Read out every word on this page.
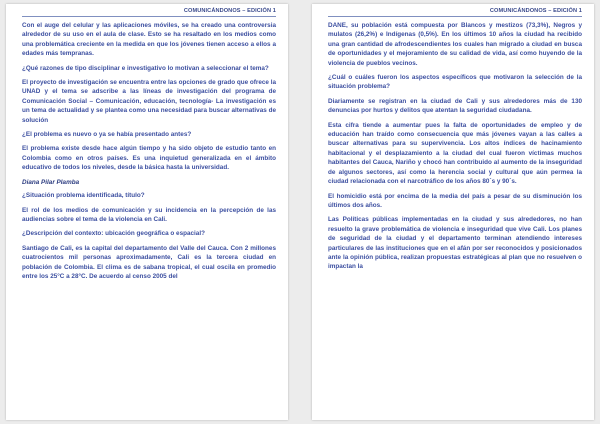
COMUNICÁNDONOS – EDICIÓN 1

Con el auge del celular y las aplicaciones móviles, se ha creado una controversia alrededor de su uso en el aula de clase. Esto se ha resaltado en los medios como una problemática creciente en la medida en que los jóvenes tienen acceso a ellos a edades más tempranas.

¿Qué razones de tipo disciplinar e investigativo lo motivan a seleccionar el tema?

El proyecto de investigación se encuentra entre las opciones de grado que ofrece la UNAD y el tema se adscribe a las líneas de investigación del programa de Comunicación Social – Comunicación, educación, tecnología- La investigación es un tema de actualidad y se plantea como una necesidad para buscar alternativas de solución

¿El problema es nuevo o ya se había presentado antes?

El problema existe desde hace algún tiempo y ha sido objeto de estudio tanto en Colombia como en otros países. Es una inquietud generalizada en el ámbito educativo de todos los niveles, desde la básica hasta la universidad.

Diana Pilar Plamba

¿Situación problema identificada, título?

El rol de los medios de comunicación y su incidencia en la percepción de las audiencias sobre el tema de la violencia en Cali.

¿Descripción del contexto: ubicación geográfica o espacial?

Santiago de Cali, es la capital del departamento del Valle del Cauca. Con 2 millones cuatrocientos mil personas aproximadamente, Cali es la tercera ciudad en población de Colombia. El clima es de sabana tropical, el cual oscila en promedio entre los 25°C a 28°C. De acuerdo al censo 2005 del

COMUNICÁNDONOS – EDICIÓN 1

DANE, su población está compuesta por Blancos y mestizos (73,3%), Negros y mulatos (26,2%) e Indígenas (0,5%). En los últimos 10 años la ciudad ha recibido una gran cantidad de afrodescendientes los cuales han migrado a ciudad en busca de oportunidades y el mejoramiento de su calidad de vida, así como huyendo de la violencia de pueblos vecinos.

¿Cuál o cuáles fueron los aspectos específicos que motivaron la selección de la situación problema?

Diariamente se registran en la ciudad de Cali y sus alrededores más de 130 denuncias por hurtos y delitos que atentan la seguridad ciudadana.

Esta cifra tiende a aumentar pues la falta de oportunidades de empleo y de educación han traído como consecuencia que más jóvenes vayan a las calles a buscar alternativas para su supervivencia. Los altos índices de hacinamiento habitacional y el desplazamiento a la ciudad del cual fueron víctimas muchos habitantes del Cauca, Nariño y chocó han contribuido al aumento de la inseguridad de algunos sectores, así como la herencia social y cultural que aún permea la ciudad relacionada con el narcotráfico de los años 80´s y 90´s.

El homicidio está por encima de la media del país a pesar de su disminución los últimos dos años.

Las Políticas públicas implementadas en la ciudad y sus alrededores, no han resuelto la grave problemática de violencia e inseguridad que vive Cali. Los planes de seguridad de la ciudad y el departamento terminan atendiendo intereses particulares de las instituciones que en el afán por ser reconocidos y posicionados ante la opinión pública, realizan propuestas estratégicas al plan que no resuelven o impactan la
